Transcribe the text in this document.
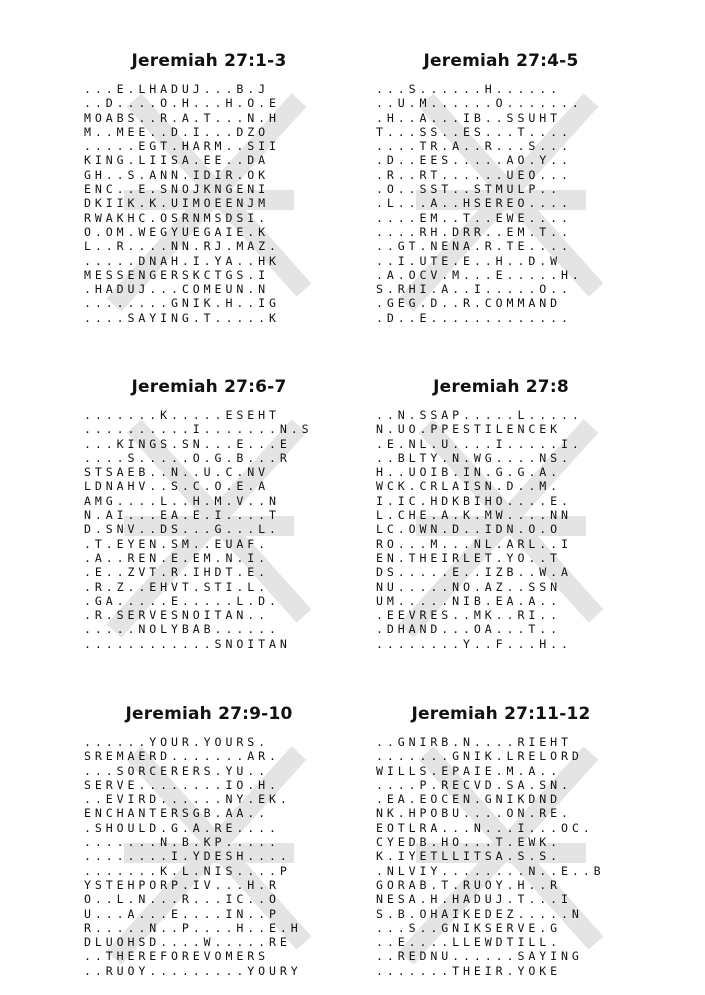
Jeremiah 27:1-3
...E.LHADUJ...B.J
..D....O.H...H.O.E
MOABS..R.A.T...N.H
M..MEE..D.I...DZO
.....EGT.HARM..SII
KING.LIISA.EE..DA
GH..S.ANN.IDIR.OK
ENC..E.SNOJKNGENI
DKIIK.K.UIMOEENJM
RWAKHC.OSRNMSDSI.
O.OM.WEGYUEGAIE.K
L..R....NN.RJ.MAZ.
.....DNAH.I.YA..HK
MESSENGERSKCTGS.I
.HADUJ...COMEUN.N
........GNIK.H..IG
....SAYING.T.....K
Jeremiah 27:4-5
...S......H......
..U.M......O.......
.H..A...IB..SSUHT
T...SS..ES...T....
....TR.A..R...S...
.D..EES.....AO.Y..
.R..RT......UEO...
.O..SST..STMULP..
.L...A..HSEREO....
....EM..T..EWE....
....RH.DRR..EM.T..
..GT.NENA.R.TE....
..I.UTE.E..H..D.W
.A.OCV.M...E.....H.
S.RHI.A..I.....O..
.GEG.D..R.COMMAND
.D..E.............
Jeremiah 27:6-7
.......K.....ESEHT
..........I.......N.S
...KINGS.SN...E...E
....S.....O.G.B...R
STSAEB..N..U.C.NV
LDNAHV..S.C.O.E.A
AMG....L..H.M.V..N
N.AI...EA.E.I....T
D.SNV..DS...G...L.
.T.EYEN.SM..EUAF.
.A..REN.E.EM.N.I.
.E..ZVT.R.IHDT.E.
.R.Z..EHVT.STI.L.
.GA.....E.....L.D.
.R.SERVESNOITAN..
.....NOLYBAB......
............SNOITAN
Jeremiah 27:8
..N.SSAP.....L.....
N.UO.PPESTILENCEK
.E.NL.U....I.....I.
..BLTY.N.WG....NS.
H..UOIB.IN.G.G.A.
WCK.CRLAISN.D..M.
I.IC.HDKBIHO....E.
L.CHE.A.K.MW....NN
LC.OWN.D..IDN.O.O
RO...M...NL.ARL..I
EN.THEIRLET.YO..T
DS.....E..IZB..W.A
NU.....NO.AZ..SSN
UM.....NIB.EA.A..
.EEVRES..MK..RI..
.DHAND...OA...T..
........Y..F...H..
Jeremiah 27:9-10
......YOUR.YOURS.
SREMAERD.......AR.
...SORCERERS.YU..
SERVE........IO.H.
..EVIRD......NY.EK.
ENCHANTERSGB.AA..
.SHOULD.G.A.RE....
.......N.B.KP.....
........I.YDESH....
.......K.L.NIS....P
YSTEHPORP.IV...H.R
O..L.N...R...IC..O
U...A...E....IN..P
R.....N..P....H..E.H
DLUOHSD....W.....RE
..THEREFOREVOMERS
..RUOY.........YOURY
Jeremiah 27:11-12
..GNIRB.N....RIEHT
.......GNIK.LRELORD
WILLS.EPAIE.M.A..
....P.RECVD.SA.SN.
.EA.EOCEN.GNIKDND
NK.HPOBU....ON.RE.
EOTLRA...N...I...OC.
CYEDB.HO...T.EWK.
K.IYETLLITSA.S.S.
.NLVIY........N..E..B
GORAB.T.RUOY.H..R
NESA.H.HADUJ.T...I
S.B.OHAIKEDEZ.....N
...S..GNIKSERVE.G
..E....LLEWDTILL.
..REDNU......SAYING
.......THEIR.YOKE
